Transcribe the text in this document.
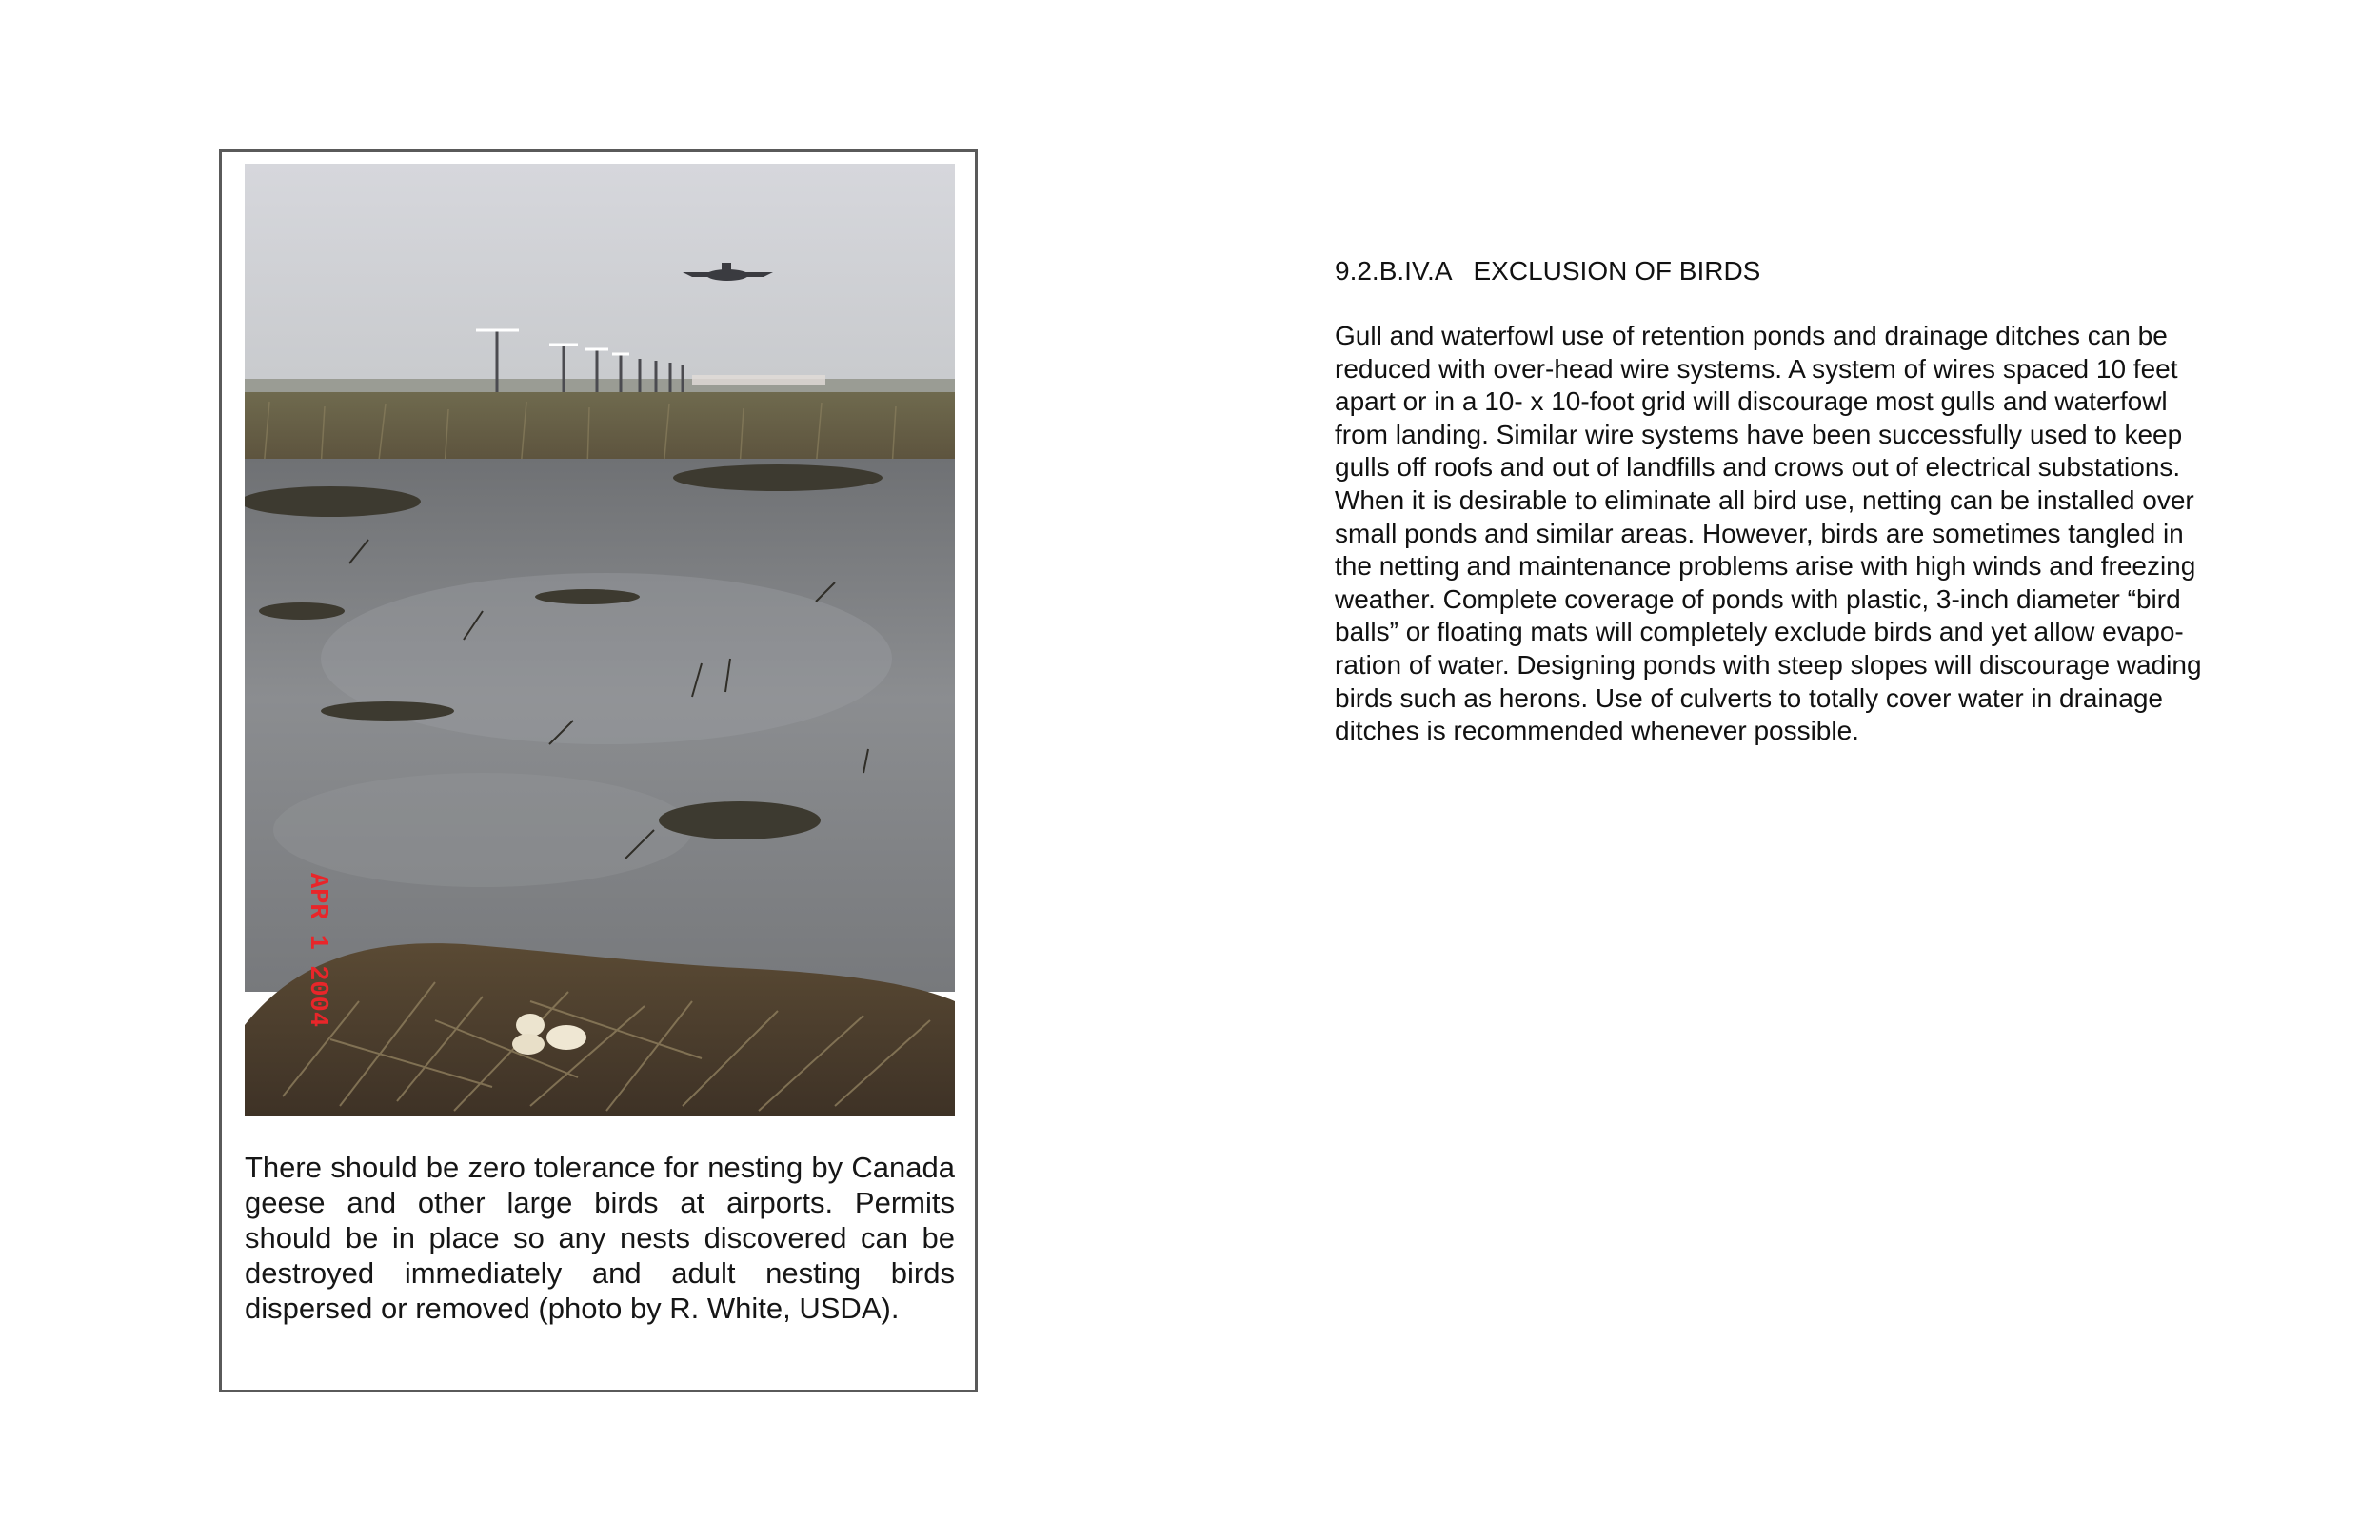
APR 1 2004

There should be zero tolerance for nesting by Canada geese and other large birds at airports. Permits should be in place so any nests discovered can be destroyed immediately and adult nesting birds dispersed or removed (photo by R. White, USDA).

9.2.B.IV.A EXCLUSION OF BIRDS

Gull and waterfowl use of retention ponds and drainage ditches can be
reduced with over-head wire systems. A system of wires spaced 10 feet
apart or in a 10- x 10-foot grid will discourage most gulls and waterfowl
from landing. Similar wire systems have been successfully used to keep
gulls off roofs and out of landfills and crows out of electrical substations.
When it is desirable to eliminate all bird use, netting can be installed over
small ponds and similar areas. However, birds are sometimes tangled in
the netting and maintenance problems arise with high winds and freezing
weather. Complete coverage of ponds with plastic, 3-inch diameter “bird
balls” or floating mats will completely exclude birds and yet allow evapo-
ration of water. Designing ponds with steep slopes will discourage wading
birds such as herons. Use of culverts to totally cover water in drainage
ditches is recommended whenever possible.
